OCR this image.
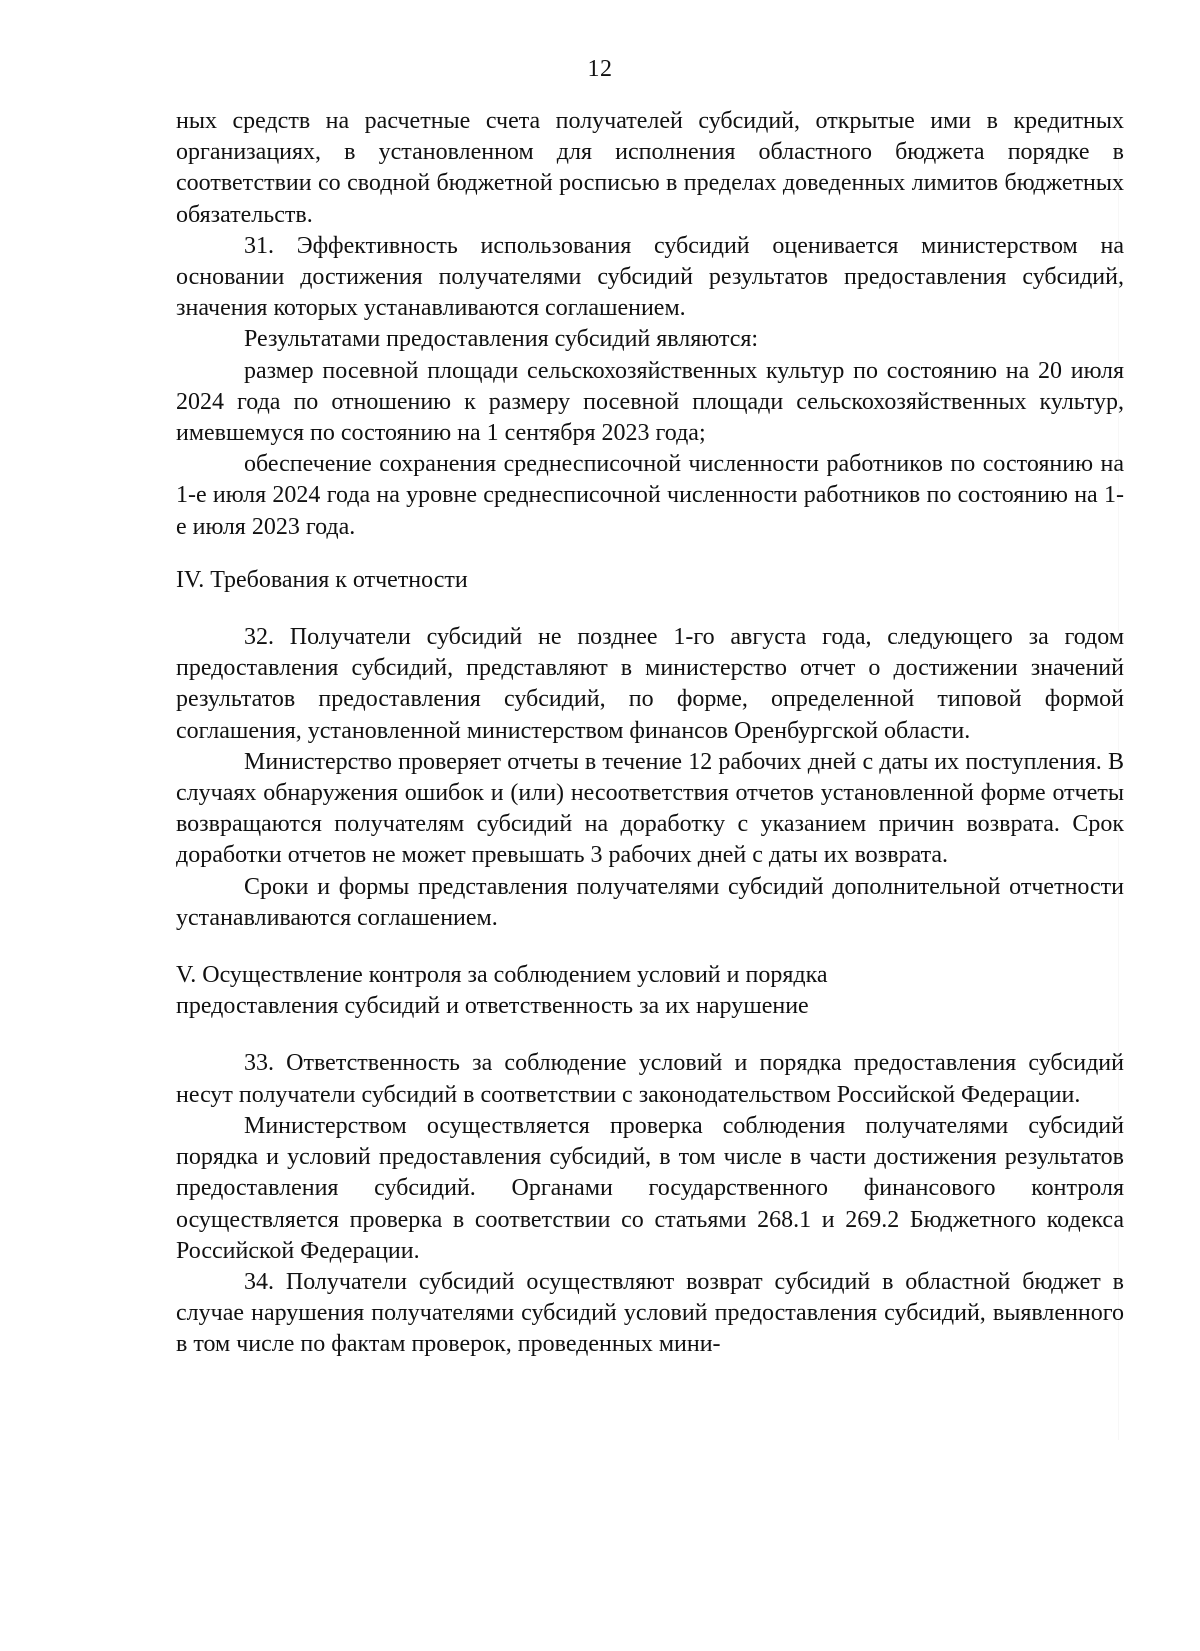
12

ных средств на расчетные счета получателей субсидий, открытые ими в кредитных организациях, в установленном для исполнения областного бюджета порядке в соответствии со сводной бюджетной росписью в пределах доведенных лимитов бюджетных обязательств.

31. Эффективность использования субсидий оценивается министерством на основании достижения получателями субсидий результатов предоставления субсидий, значения которых устанавливаются соглашением.

Результатами предоставления субсидий являются:

размер посевной площади сельскохозяйственных культур по состоянию на 20 июля 2024 года по отношению к размеру посевной площади сельскохозяйственных культур, имевшемуся по состоянию на 1 сентября 2023 года;

обеспечение сохранения среднесписочной численности работников по состоянию на 1-е июля 2024 года на уровне среднесписочной численности работников по состоянию на 1-е июля 2023 года.

IV. Требования к отчетности

32. Получатели субсидий не позднее 1-го августа года, следующего за годом предоставления субсидий, представляют в министерство отчет о достижении значений результатов предоставления субсидий, по форме, определенной типовой формой соглашения, установленной министерством финансов Оренбургской области.

Министерство проверяет отчеты в течение 12 рабочих дней с даты их поступления. В случаях обнаружения ошибок и (или) несоответствия отчетов установленной форме отчеты возвращаются получателям субсидий на доработку с указанием причин возврата. Срок доработки отчетов не может превышать 3 рабочих дней с даты их возврата.

Сроки и формы представления получателями субсидий дополнительной отчетности устанавливаются соглашением.

V. Осуществление контроля за соблюдением условий и порядка
предоставления субсидий и ответственность за их нарушение

33. Ответственность за соблюдение условий и порядка предоставления субсидий несут получатели субсидий в соответствии с законодательством Российской Федерации.

Министерством осуществляется проверка соблюдения получателями субсидий порядка и условий предоставления субсидий, в том числе в части достижения результатов предоставления субсидий. Органами государственного финансового контроля осуществляется проверка в соответствии со статьями 268.1 и 269.2 Бюджетного кодекса Российской Федерации.

34. Получатели субсидий осуществляют возврат субсидий в областной бюджет в случае нарушения получателями субсидий условий предоставления субсидий, выявленного в том числе по фактам проверок, проведенных мини-
